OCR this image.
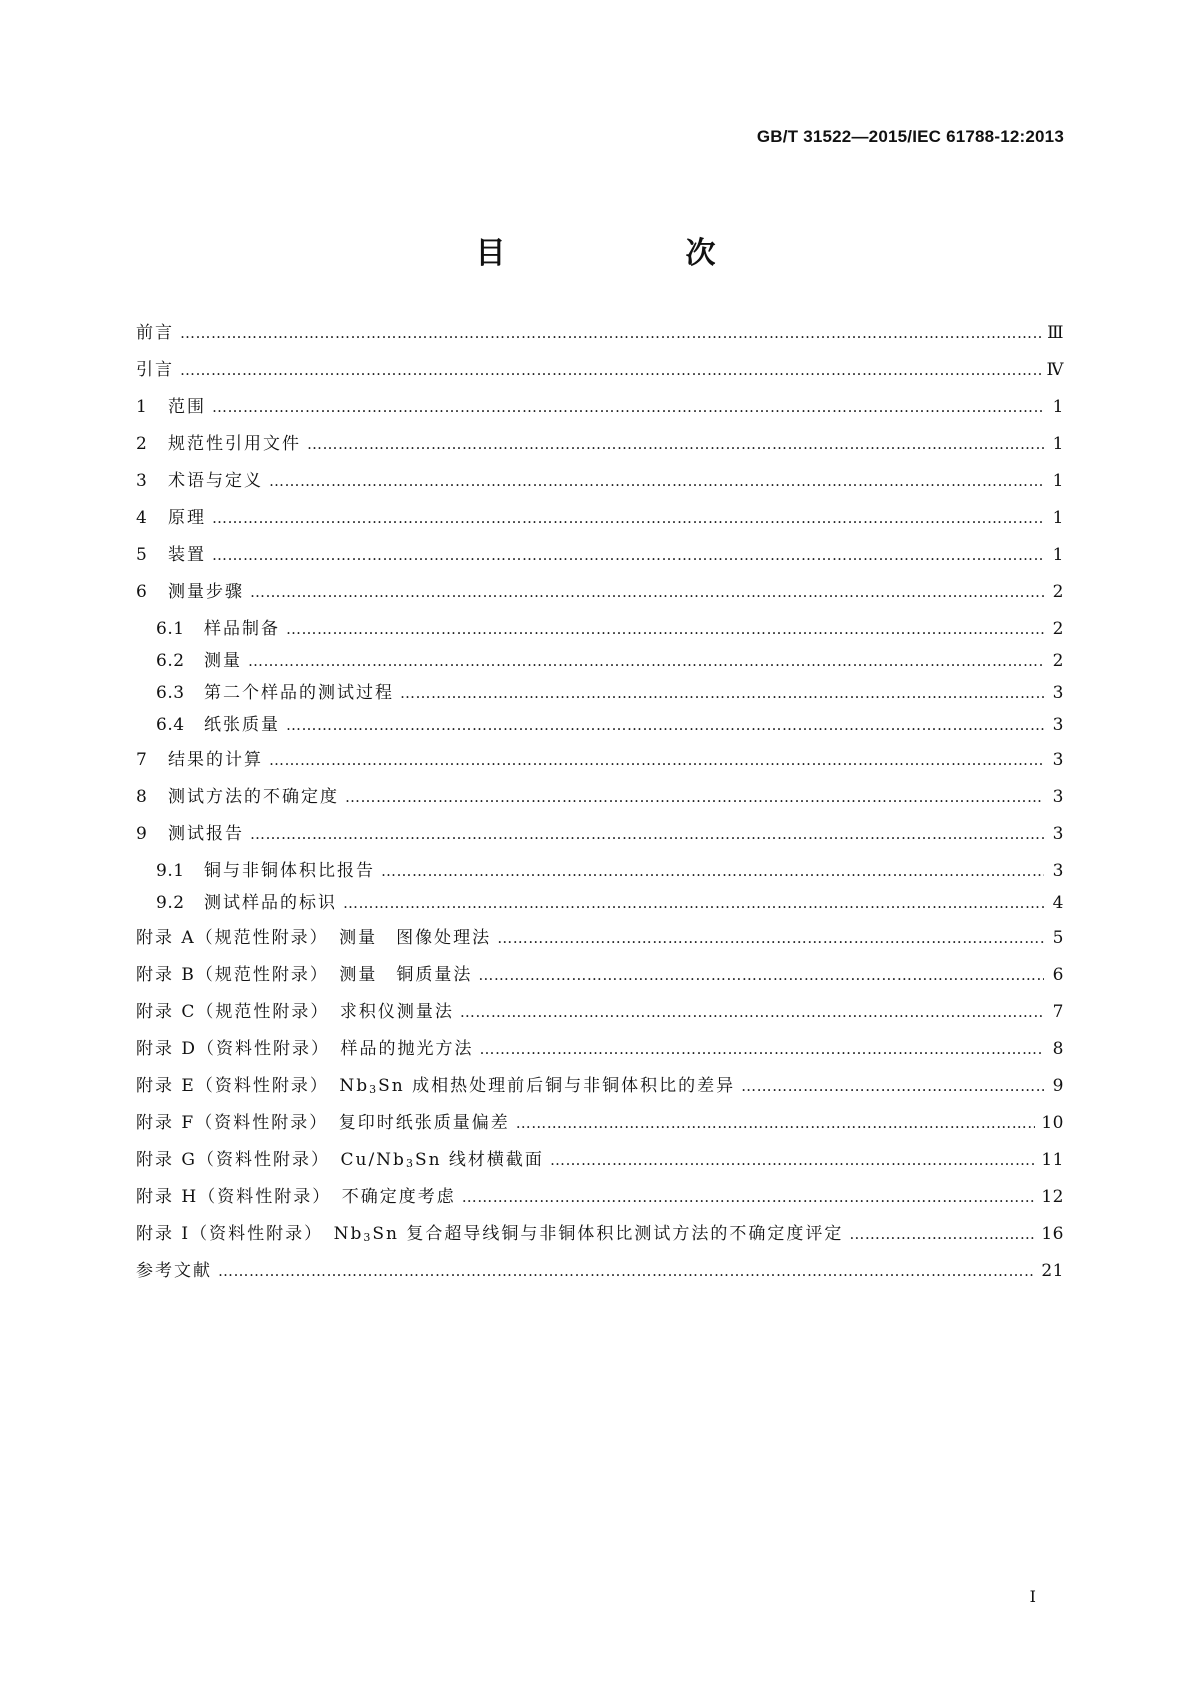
GB/T 31522—2015/IEC 61788-12:2013
目　　次
前言 …………………………………………………………………………………………………………………………………………………………………………………………………………………………………	Ⅲ
引言 …………………………………………………………………………………………………………………………………………………………………………………………………………………………………	Ⅳ
1	范围 …………………………………………………………………………………………………………………………………………………………………………………………………………………………………	1
2	规范性引用文件 …………………………………………………………………………………………………………………………………………………………………………………………………………………………………	1
3	术语与定义 …………………………………………………………………………………………………………………………………………………………………………………………………………………………………	1
4	原理 …………………………………………………………………………………………………………………………………………………………………………………………………………………………………	1
5	装置 …………………………………………………………………………………………………………………………………………………………………………………………………………………………………	1
6	测量步骤 …………………………………………………………………………………………………………………………………………………………………………………………………………………………………	2
6.1	样品制备 …………………………………………………………………………………………………………………………………………………………………………………………………………………………………	2
6.2	测量 …………………………………………………………………………………………………………………………………………………………………………………………………………………………………	2
6.3	第二个样品的测试过程 …………………………………………………………………………………………………………………………………………………………………………………………………………………………………	3
6.4	纸张质量 …………………………………………………………………………………………………………………………………………………………………………………………………………………………………	3
7	结果的计算 …………………………………………………………………………………………………………………………………………………………………………………………………………………………………	3
8	测试方法的不确定度 …………………………………………………………………………………………………………………………………………………………………………………………………………………………………	3
9	测试报告 …………………………………………………………………………………………………………………………………………………………………………………………………………………………………	3
9.1	铜与非铜体积比报告 …………………………………………………………………………………………………………………………………………………………………………………………………………………………………	3
9.2	测试样品的标识 …………………………………………………………………………………………………………………………………………………………………………………………………………………………………	4
附录 A（规范性附录）　测量　图像处理法 …………………………………………………………………………………………………………………………………………………………………………………………………………………………………	5
附录 B（规范性附录）　测量　铜质量法 …………………………………………………………………………………………………………………………………………………………………………………………………………………………………	6
附录 C（规范性附录）　求积仪测量法 …………………………………………………………………………………………………………………………………………………………………………………………………………………………………	7
附录 D（资料性附录）　样品的抛光方法 …………………………………………………………………………………………………………………………………………………………………………………………………………………………………	8
附录 E（资料性附录）　$Nb_3Sn$ 成相热处理前后铜与非铜体积比的差异 …………………………………………………………………………………………………………………………………………………………………………………………………………………………………	9
附录 F（资料性附录）　复印时纸张质量偏差 …………………………………………………………………………………………………………………………………………………………………………………………………………………………………	10
附录 G（资料性附录）　$Cu/Nb_3Sn$ 线材横截面 …………………………………………………………………………………………………………………………………………………………………………………………………………………………………	11
附录 H（资料性附录）　不确定度考虑 …………………………………………………………………………………………………………………………………………………………………………………………………………………………………	12
附录 I（资料性附录）　$Nb_3Sn$ 复合超导线铜与非铜体积比测试方法的不确定度评定 …………………………………………………………………………………………………………………………………………………………………………………………………………………………………	16
参考文献 …………………………………………………………………………………………………………………………………………………………………………………………………………………………………	21
I
